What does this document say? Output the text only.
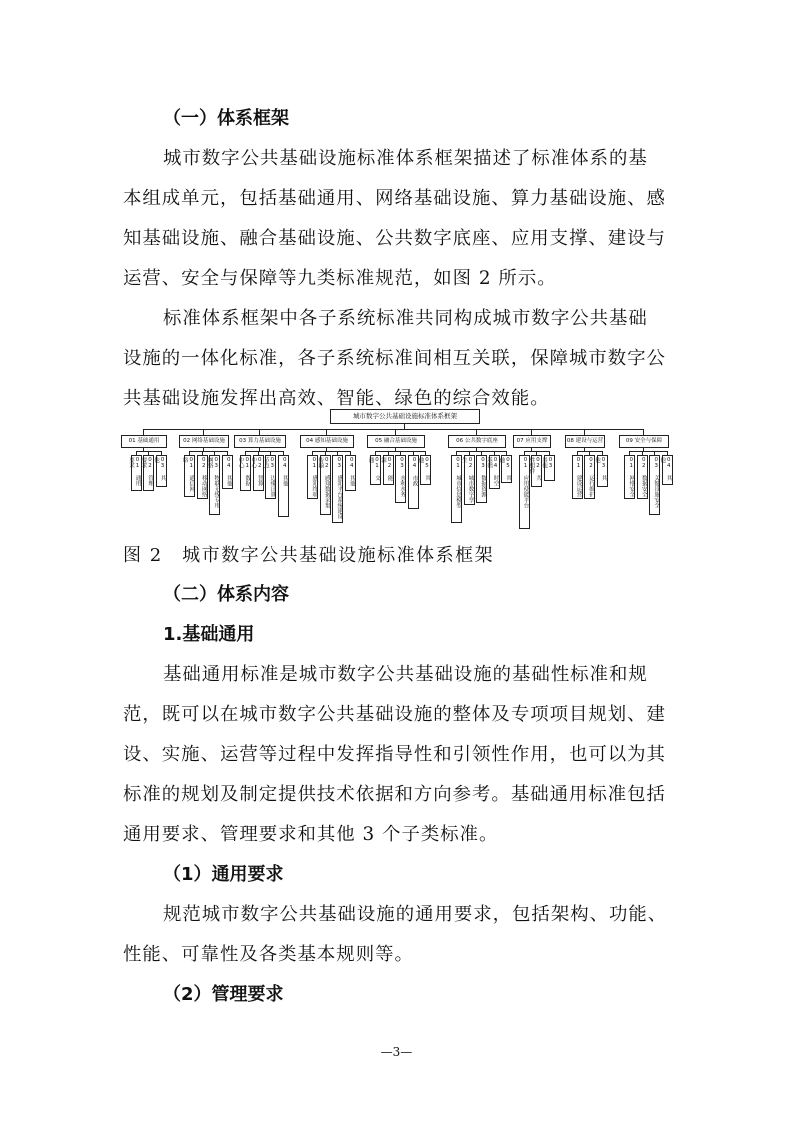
（一）体系框架
城市数字公共基础设施标准体系框架描述了标准体系的基
本组成单元，包括基础通用、网络基础设施、算力基础设施、感
知基础设施、融合基础设施、公共数字底座、应用支撑、建设与
运营、安全与保障等九类标准规范，如图 2 所示。
标准体系框架中各子系统标准共同构成城市数字公共基础
设施的一体化标准，各子系统标准间相互关联，保障城市数字公
共基础设施发挥出高效、智能、绿色的综合效能。
城市数字公共基础设施标准体系框架
01 基础通用
01 通用要求	02 管理要求	03 其他
02 网络基础设施
01 通信网络	02 移动网络	03 物联无线专用网络	04 其他
03 算力基础设施
01 数据中心	02 智算中心	03 边缘计算节点	04 其他
04 感知基础设施
01 感知终端	02 感知数据采集传输	03 感知平台系统建设	04 其他
05 融合基础设施
01 交通	02 能源	03 水利水务	04 市政	05 其他
06 公共数字底座
01 城市信息模型	02 城市数字孪生	03 数据资源	04 时空基础	05 其他
07 应用支撑
01 应用使能平台	02 共性组件	03 其他
08 建设与运营
01 建设运营	02 运行维护	03 其他
09 安全与保障
01 网络安全	02 数据安全	03 关键设施安全	04 其他
图 2　城市数字公共基础设施标准体系框架
（二）体系内容
1.基础通用
基础通用标准是城市数字公共基础设施的基础性标准和规
范，既可以在城市数字公共基础设施的整体及专项项目规划、建
设、实施、运营等过程中发挥指导性和引领性作用，也可以为其
标准的规划及制定提供技术依据和方向参考。基础通用标准包括
通用要求、管理要求和其他 3 个子类标准。
（1）通用要求
规范城市数字公共基础设施的通用要求，包括架构、功能、
性能、可靠性及各类基本规则等。
（2）管理要求
—3—
